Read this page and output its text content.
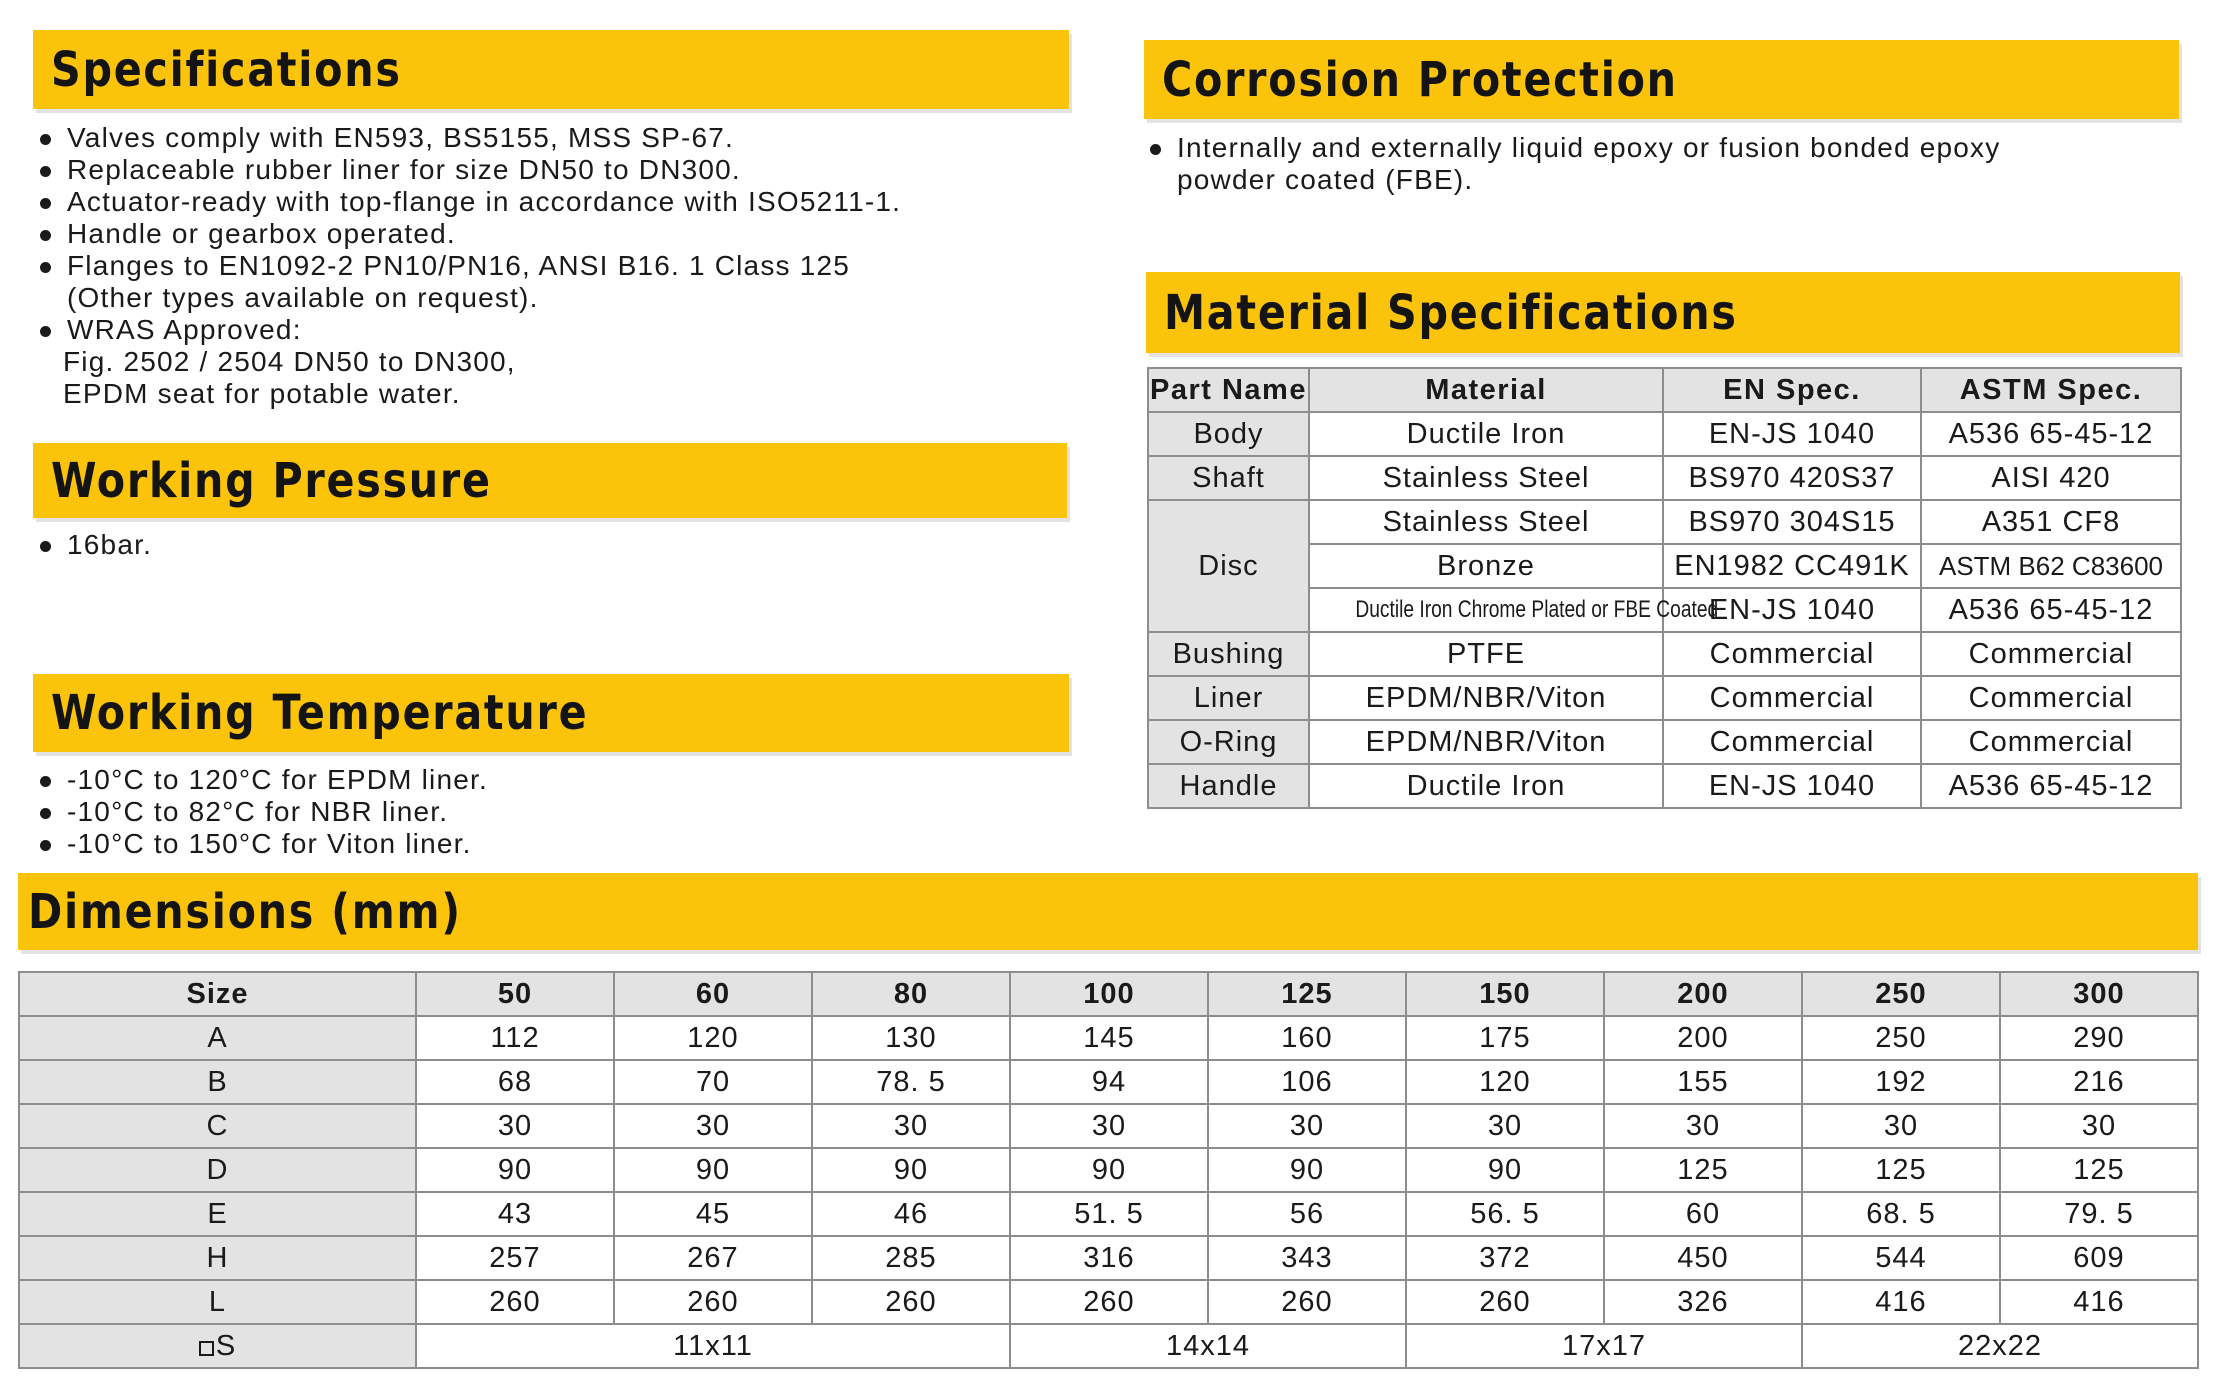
Specifications
Valves comply with EN593, BS5155, MSS SP-67.
Replaceable rubber liner for size DN50 to DN300.
Actuator-ready with top-flange in accordance with ISO5211-1.
Handle or gearbox operated.
Flanges to EN1092-2 PN10/PN16, ANSI B16. 1 Class 125
(Other types available on request).
WRAS Approved:
Fig. 2502 / 2504 DN50 to DN300,
EPDM seat for potable water.
Working Pressure
16bar.
Working Temperature
-10°C to 120°C for EPDM liner.
-10°C to 82°C for NBR liner.
-10°C to 150°C for Viton liner.
Corrosion Protection
Internally and externally liquid epoxy or fusion bonded epoxy
powder coated (FBE).
Material Specifications
Part Name	Material	EN Spec.	ASTM Spec.
Body	Ductile Iron	EN-JS 1040	A536 65-45-12
Shaft	Stainless Steel	BS970 420S37	AISI 420
Disc	Stainless Steel	BS970 304S15	A351 CF8
	Bronze	EN1982 CC491K	ASTM B62 C83600
	Ductile Iron Chrome Plated or FBE Coated	EN-JS 1040	A536 65-45-12
Bushing	PTFE	Commercial	Commercial
Liner	EPDM/NBR/Viton	Commercial	Commercial
O-Ring	EPDM/NBR/Viton	Commercial	Commercial
Handle	Ductile Iron	EN-JS 1040	A536 65-45-12
Dimensions (mm)
Size	50	60	80	100	125	150	200	250	300
A	112	120	130	145	160	175	200	250	290
B	68	70	78. 5	94	106	120	155	192	216
C	30	30	30	30	30	30	30	30	30
D	90	90	90	90	90	90	125	125	125
E	43	45	46	51. 5	56	56. 5	60	68. 5	79. 5
H	257	267	285	316	343	372	450	544	609
L	260	260	260	260	260	260	326	416	416
S	11x11			14x14		17x17		22x22	
